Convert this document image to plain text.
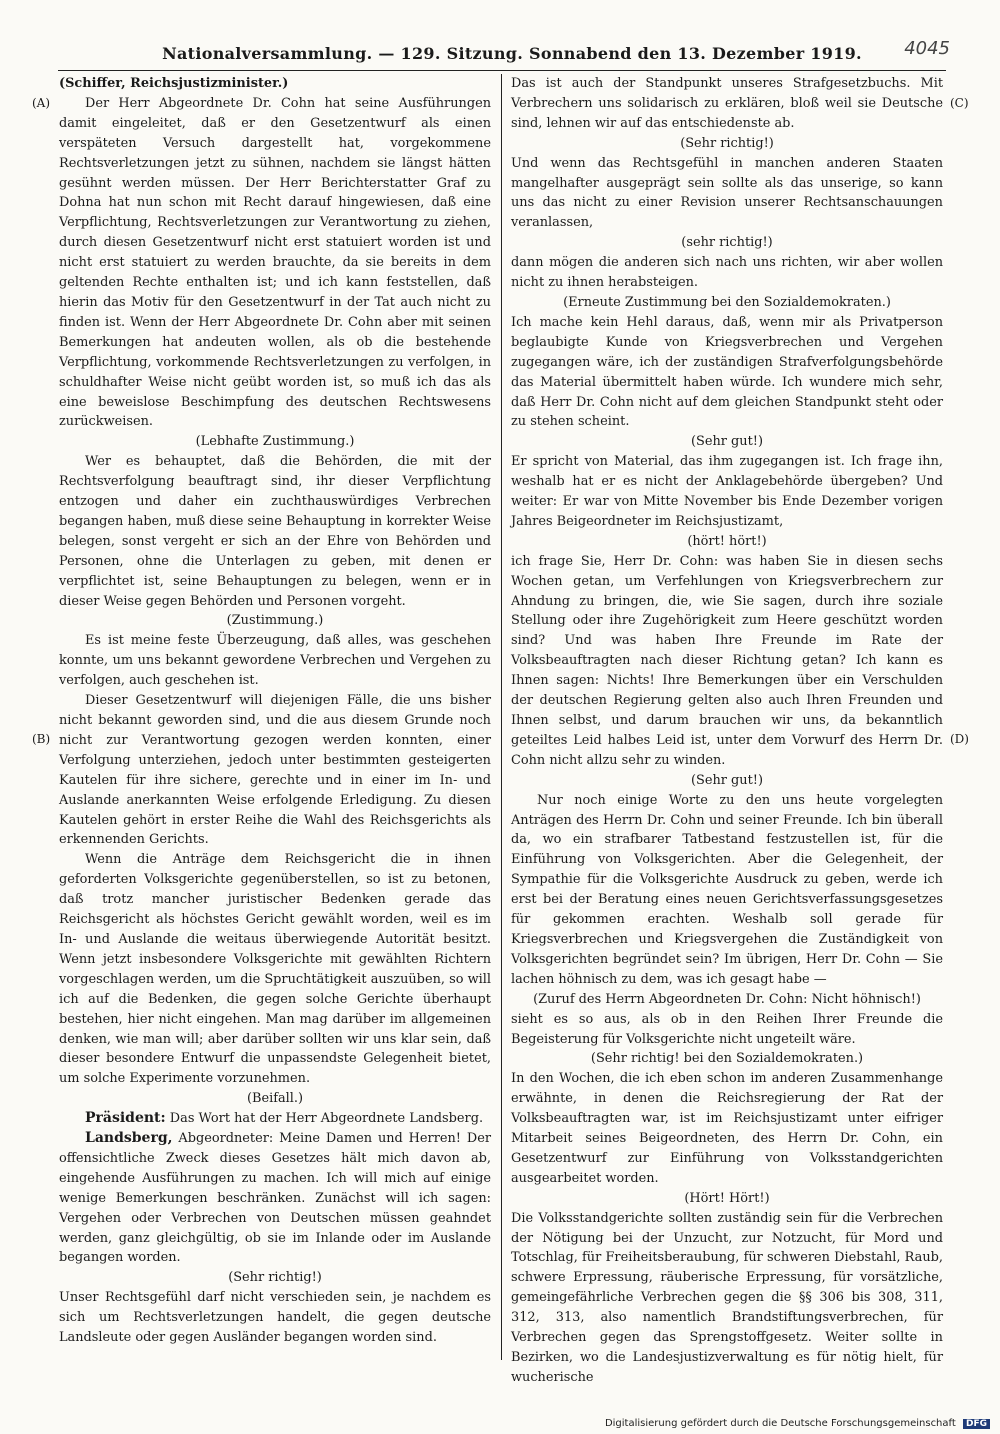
Nationalversammlung. — 129. Sitzung. Sonnabend den 13. Dezember 1919.	4045
(A)
(B)
(C)
(D)

(Schiffer, Reichsjustizminister.)

Der Herr Abgeordnete Dr. Cohn hat seine Ausführungen damit eingeleitet, daß er den Gesetzentwurf als einen verspäteten Versuch dargestellt hat, vorgekommene Rechtsverletzungen jetzt zu sühnen, nachdem sie längst hätten gesühnt werden müssen. Der Herr Berichterstatter Graf zu Dohna hat nun schon mit Recht darauf hingewiesen, daß eine Verpflichtung, Rechtsverletzungen zur Verantwortung zu ziehen, durch diesen Gesetzentwurf nicht erst statuiert worden ist und nicht erst statuiert zu werden brauchte, da sie bereits in dem geltenden Rechte enthalten ist; und ich kann feststellen, daß hierin das Motiv für den Gesetzentwurf in der Tat auch nicht zu finden ist. Wenn der Herr Abgeordnete Dr. Cohn aber mit seinen Bemerkungen hat andeuten wollen, als ob die bestehende Verpflichtung, vorkommende Rechtsverletzungen zu verfolgen, in schuldhafter Weise nicht geübt worden ist, so muß ich das als eine beweislose Beschimpfung des deutschen Rechtswesens zurückweisen.

(Lebhafte Zustimmung.)

Wer es behauptet, daß die Behörden, die mit der Rechtsverfolgung beauftragt sind, ihr dieser Verpflichtung entzogen und daher ein zuchthauswürdiges Verbrechen begangen haben, muß diese seine Behauptung in korrekter Weise belegen, sonst vergeht er sich an der Ehre von Behörden und Personen, ohne die Unterlagen zu geben, mit denen er verpflichtet ist, seine Behauptungen zu belegen, wenn er in dieser Weise gegen Behörden und Personen vorgeht.

(Zustimmung.)

Es ist meine feste Überzeugung, daß alles, was geschehen konnte, um uns bekannt gewordene Verbrechen und Vergehen zu verfolgen, auch geschehen ist.

Dieser Gesetzentwurf will diejenigen Fälle, die uns bisher nicht bekannt geworden sind, und die aus diesem Grunde noch nicht zur Verantwortung gezogen werden konnten, einer Verfolgung unterziehen, jedoch unter bestimmten gesteigerten Kautelen für ihre sichere, gerechte und in einer im In- und Auslande anerkannten Weise erfolgende Erledigung. Zu diesen Kautelen gehört in erster Reihe die Wahl des Reichsgerichts als erkennenden Gerichts.

Wenn die Anträge dem Reichsgericht die in ihnen geforderten Volksgerichte gegenüberstellen, so ist zu betonen, daß trotz mancher juristischer Bedenken gerade das Reichsgericht als höchstes Gericht gewählt worden, weil es im In- und Auslande die weitaus überwiegende Autorität besitzt. Wenn jetzt insbesondere Volksgerichte mit gewählten Richtern vorgeschlagen werden, um die Spruchtätigkeit auszuüben, so will ich auf die Bedenken, die gegen solche Gerichte überhaupt bestehen, hier nicht eingehen. Man mag darüber im allgemeinen denken, wie man will; aber darüber sollten wir uns klar sein, daß dieser besondere Entwurf die unpassendste Gelegenheit bietet, um solche Experimente vorzunehmen.

(Beifall.)

Präsident: Das Wort hat der Herr Abgeordnete Landsberg.

Landsberg, Abgeordneter: Meine Damen und Herren! Der offensichtliche Zweck dieses Gesetzes hält mich davon ab, eingehende Ausführungen zu machen. Ich will mich auf einige wenige Bemerkungen beschränken. Zunächst will ich sagen: Vergehen oder Verbrechen von Deutschen müssen geahndet werden, ganz gleichgültig, ob sie im Inlande oder im Auslande begangen worden.

(Sehr richtig!)

Unser Rechtsgefühl darf nicht verschieden sein, je nachdem es sich um Rechtsverletzungen handelt, die gegen deutsche Landsleute oder gegen Ausländer begangen worden sind.

Das ist auch der Standpunkt unseres Strafgesetzbuchs. Mit Verbrechern uns solidarisch zu erklären, bloß weil sie Deutsche sind, lehnen wir auf das entschiedenste ab.

(Sehr richtig!)

Und wenn das Rechtsgefühl in manchen anderen Staaten mangelhafter ausgeprägt sein sollte als das unserige, so kann uns das nicht zu einer Revision unserer Rechtsanschauungen veranlassen,

(sehr richtig!)

dann mögen die anderen sich nach uns richten, wir aber wollen nicht zu ihnen herabsteigen.

(Erneute Zustimmung bei den Sozialdemokraten.)

Ich mache kein Hehl daraus, daß, wenn mir als Privatperson beglaubigte Kunde von Kriegsverbrechen und Vergehen zugegangen wäre, ich der zuständigen Strafverfolgungsbehörde das Material übermittelt haben würde. Ich wundere mich sehr, daß Herr Dr. Cohn nicht auf dem gleichen Standpunkt steht oder zu stehen scheint.

(Sehr gut!)

Er spricht von Material, das ihm zugegangen ist. Ich frage ihn, weshalb hat er es nicht der Anklagebehörde übergeben? Und weiter: Er war von Mitte November bis Ende Dezember vorigen Jahres Beigeordneter im Reichsjustizamt,

(hört! hört!)

ich frage Sie, Herr Dr. Cohn: was haben Sie in diesen sechs Wochen getan, um Verfehlungen von Kriegsverbrechern zur Ahndung zu bringen, die, wie Sie sagen, durch ihre soziale Stellung oder ihre Zugehörigkeit zum Heere geschützt worden sind? Und was haben Ihre Freunde im Rate der Volksbeauftragten nach dieser Richtung getan? Ich kann es Ihnen sagen: Nichts! Ihre Bemerkungen über ein Verschulden der deutschen Regierung gelten also auch Ihren Freunden und Ihnen selbst, und darum brauchen wir uns, da bekanntlich geteiltes Leid halbes Leid ist, unter dem Vorwurf des Herrn Dr. Cohn nicht allzu sehr zu winden.

(Sehr gut!)

Nur noch einige Worte zu den uns heute vorgelegten Anträgen des Herrn Dr. Cohn und seiner Freunde. Ich bin überall da, wo ein strafbarer Tatbestand festzustellen ist, für die Einführung von Volksgerichten. Aber die Gelegenheit, der Sympathie für die Volksgerichte Ausdruck zu geben, werde ich erst bei der Beratung eines neuen Gerichtsverfassungsgesetzes für gekommen erachten. Weshalb soll gerade für Kriegsverbrechen und Kriegsvergehen die Zuständigkeit von Volksgerichten begründet sein? Im übrigen, Herr Dr. Cohn — Sie lachen höhnisch zu dem, was ich gesagt habe —

(Zuruf des Herrn Abgeordneten Dr. Cohn: Nicht höhnisch!)

sieht es so aus, als ob in den Reihen Ihrer Freunde die Begeisterung für Volksgerichte nicht ungeteilt wäre.

(Sehr richtig! bei den Sozialdemokraten.)

In den Wochen, die ich eben schon im anderen Zusammenhange erwähnte, in denen die Reichsregierung der Rat der Volksbeauftragten war, ist im Reichsjustizamt unter eifriger Mitarbeit seines Beigeordneten, des Herrn Dr. Cohn, ein Gesetzentwurf zur Einführung von Volksstandgerichten ausgearbeitet worden.

(Hört! Hört!)

Die Volksstandgerichte sollten zuständig sein für die Verbrechen der Nötigung bei der Unzucht, zur Notzucht, für Mord und Totschlag, für Freiheitsberaubung, für schweren Diebstahl, Raub, schwere Erpressung, räuberische Erpressung, für vorsätzliche, gemeingefährliche Verbrechen gegen die §§ 306 bis 308, 311, 312, 313, also namentlich Brandstiftungsverbrechen, für Verbrechen gegen das Sprengstoffgesetz. Weiter sollte in Bezirken, wo die Landesjustizverwaltung es für nötig hielt, für wucherische

Digitalisierung gefördert durch die Deutsche Forschungsgemeinschaft DFG
